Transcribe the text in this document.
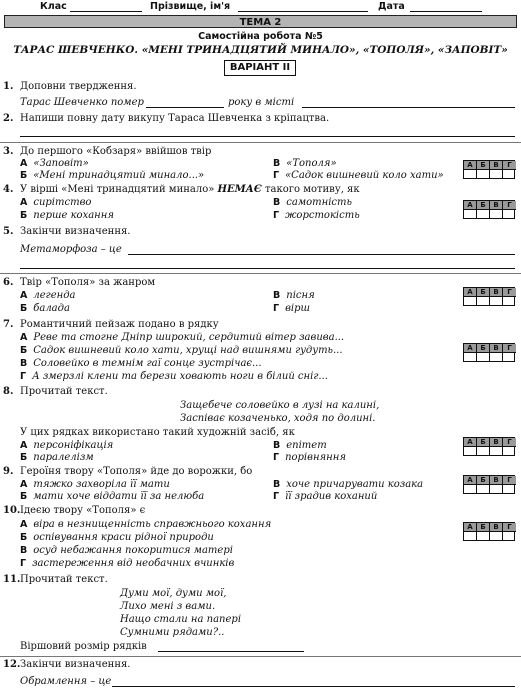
Клас	Прізвище, ім'я	Дата
ТЕМА 2
Самостійна робота №5
ТАРАС ШЕВЧЕНКО. «МЕНІ ТРИНАДЦЯТИЙ МИНАЛО», «ТОПОЛЯ», «ЗАПОВІТ»
ВАРІАНТ ІІ
1. Доповни твердження.
Тарас Шевченко помер	року в місті
2. Напиши повну дату викупу Тараса Шевченка з кріпацтва.
3. До першого «Кобзаря» ввійшов твір
А «Заповіт»
Б «Мені тринадцятий минало...»
В «Тополя»
Г «Садок вишневий коло хати»
А	Б	В	Г
4. У вірші «Мені тринадцятий минало» НЕМАЄ такого мотиву, як
А сирітство
Б перше кохання
В самотність
Г жорстокість
А	Б	В	Г
5. Закінчи визначення.
Метаморфоза – це
6. Твір «Тополя» за жанром
А легенда
Б балада
В пісня
Г вірш
А	Б	В	Г
7. Романтичний пейзаж подано в рядку
А Реве та стогне Дніпр широкий, сердитий вітер завива...
Б Садок вишневий коло хати, хрущі над вишнями гудуть...
В Соловейко в темнім гаї сонце зустрічає...
Г А змерзлі клени та берези ховають ноги в білий сніг...
А	Б	В	Г
8. Прочитай текст.
Защебече соловейко в лузі на калині,
Заспіває козаченько, ходя по долині.
У цих рядках використано такий художній засіб, як
А персоніфікація
Б паралелізм
В епітет
Г порівняння
А	Б	В	Г
9. Героїня твору «Тополя» йде до ворожки, бо
А тяжко захворіла її мати
Б мати хоче віддати її за нелюба
В хоче причарувати козака
Г її зрадив коханий
А	Б	В	Г
10. Ідеєю твору «Тополя» є
А віра в незнищенність справжнього кохання
Б оспівування краси рідної природи
В осуд небажання покоритися матері
Г застереження від необачних вчинків
А	Б	В	Г
11. Прочитай текст.
Думи мої, думи мої,
Лихо мені з вами.
Нащо стали на папері
Сумними рядами?..
Віршовий розмір рядків
12. Закінчи визначення.
Обрамлення – це
